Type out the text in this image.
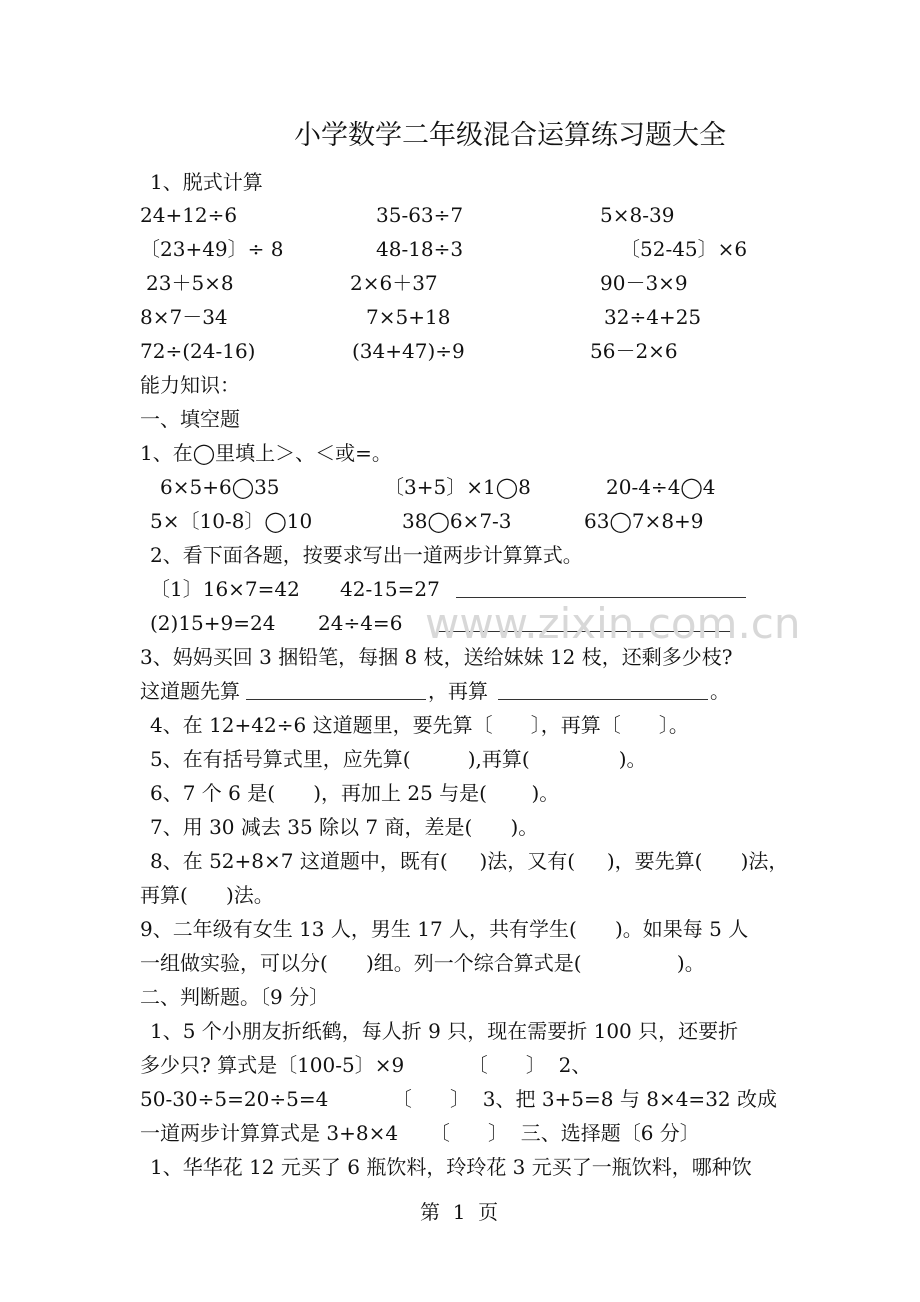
小学数学二年级混合运算练习题大全
1、脱式计算
24+12÷6	35-63÷7	5×8-39
〔23+49〕÷ 8	48-18÷3	〔52-45〕×6
23＋5×8	2×6＋37	90－3×9
8×7－34	7×5+18	32÷4+25
72÷(24-16)	(34+47)÷9	56－2×6
能力知识：
一、填空题
1、在◯里填上＞、＜或=。
6×5+6◯35	〔3+5〕×1◯8	20-4÷4◯4
5×〔10-8〕◯10	38◯6×7-3	63◯7×8+9
2、看下面各题，按要求写出一道两步计算算式。
〔1〕16×7=42 42-15=27
(2)15+9=24 24÷4=6 www.zixin.com.cn
3、妈妈买回 3 捆铅笔，每捆 8 枝，送给妹妹 12 枝，还剩多少枝?
这道题先算	，再算	。
4、在 12+42÷6 这道题里，要先算〔      〕，再算〔      〕。
5、在有括号算式里，应先算(         ),再算(              )。
6、7 个 6 是(      )，再加上 25 与是(       )。
7、用 30 减去 35 除以 7 商，差是(      )。
8、在 52+8×7 这道题中，既有(     )法，又有(     )，要先算(      )法，
再算(      )法。
9、二年级有女生 13 人，男生 17 人，共有学生(      )。如果每 5 人
一组做实验，可以分(      )组。列一个综合算式是(               )。
二、判断题。〔9 分〕
1、5 个小朋友折纸鹤，每人折 9 只，现在需要折 100 只，还要折
多少只? 算式是〔100-5〕×9          〔      〕  2、
50-30÷5=20÷5=4          〔      〕  3、把 3+5=8 与 8×4=32 改成
一道两步计算算式是 3+8×4     〔      〕  三、选择题〔6 分〕
1、华华花 12 元买了 6 瓶饮料，玲玲花 3 元买了一瓶饮料，哪种饮
第  1  页
